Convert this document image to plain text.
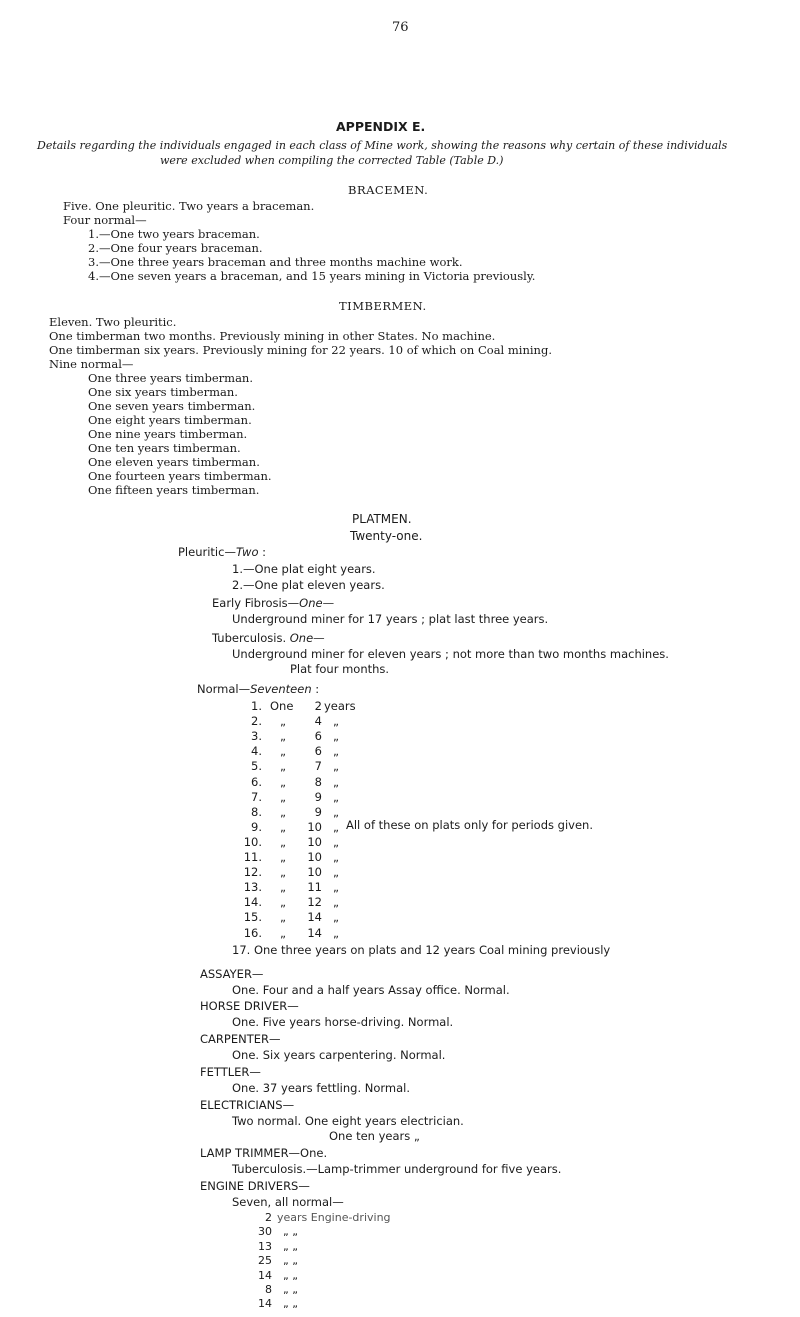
76
APPENDIX E.
Details regarding the individuals engaged in each class of Mine work, showing the reasons why certain of these individuals
were excluded when compiling the corrected Table (Table D.)
BRACEMEN.
Five. One pleuritic. Two years a braceman.
Four normal—
1.—One two years braceman.
2.—One four years braceman.
3.—One three years braceman and three months machine work.
4.—One seven years a braceman, and 15 years mining in Victoria previously.
TIMBERMEN.
Eleven. Two pleuritic.
One timberman two months. Previously mining in other States. No machine.
One timberman six years. Previously mining for 22 years. 10 of which on Coal mining.
Nine normal—
One three years timberman.
One six years timberman.
One seven years timberman.
One eight years timberman.
One nine years timberman.
One ten years timberman.
One eleven years timberman.
One fourteen years timberman.
One fifteen years timberman.
PLATMEN.
Twenty-one.
Pleuritic—Two :
1.—One plat eight years.
2.—One plat eleven years.
Early Fibrosis—One—
Underground miner for 17 years ; plat last three years.
Tuberculosis. One—
Underground miner for eleven years ; not more than two months machines.
Plat four months.
Normal—Seventeen :
1. One 2 years
2. „ 4 „
3. „ 6 „
4. „ 6 „
5. „ 7 „
6. „ 8 „
7. „ 9 „
8. „ 9 „
9. „ 10 „
10. „ 10 „
11. „ 10 „
12. „ 10 „
13. „ 11 „
14. „ 12 „
15. „ 14 „
16. „ 14 „
All of these on plats only for periods given.
17. One three years on plats and 12 years Coal mining previously
ASSAYER—
One. Four and a half years Assay office. Normal.
HORSE DRIVER—
One. Five years horse-driving. Normal.
CARPENTER—
One. Six years carpentering. Normal.
FETTLER—
One. 37 years fettling. Normal.
ELECTRICIANS—
Two normal. One eight years electrician.
One ten years „
LAMP TRIMMER—One.
Tuberculosis.—Lamp-trimmer underground for five years.
ENGINE DRIVERS—
Seven, all normal—
2 years Engine-driving
30 „ „
13 „ „
25 „ „
14 „ „
8 „ „
14 „ „
